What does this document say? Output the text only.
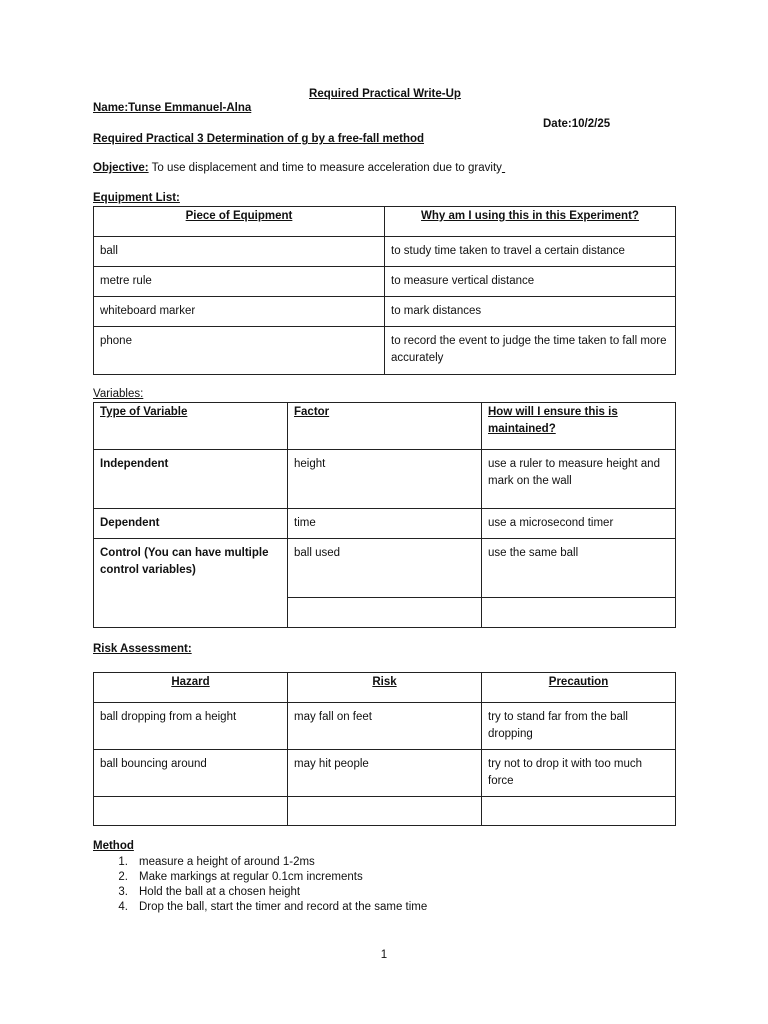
Required Practical Write-Up
Name:Tunse Emmanuel-Alna
Date:10/2/25
Required Practical 3 Determination of g by a free-fall method
Objective: To use displacement and time to measure acceleration due to gravity
Equipment List:
Piece of Equipment	Why am I using this in this Experiment?
ball	to study time taken to travel a certain distance
metre rule	to measure vertical distance
whiteboard marker	to mark distances
phone	to record the event to judge the time taken to fall more accurately
Variables:
Type of Variable	Factor	How will I ensure this is maintained?
Independent	height	use a ruler to measure height and mark on the wall
Dependent	time	use a microsecond timer
Control (You can have multiple control variables)	ball used	use the same ball

Risk Assessment:
Hazard	Risk	Precaution
ball dropping from a height	may fall on feet	try to stand far from the ball dropping
ball bouncing around	may hit people	try not to drop it with too much force

Method
1. measure a height of around 1-2ms
2. Make markings at regular 0.1cm increments
3. Hold the ball at a chosen height
4. Drop the ball, start the timer and record at the same time
1
